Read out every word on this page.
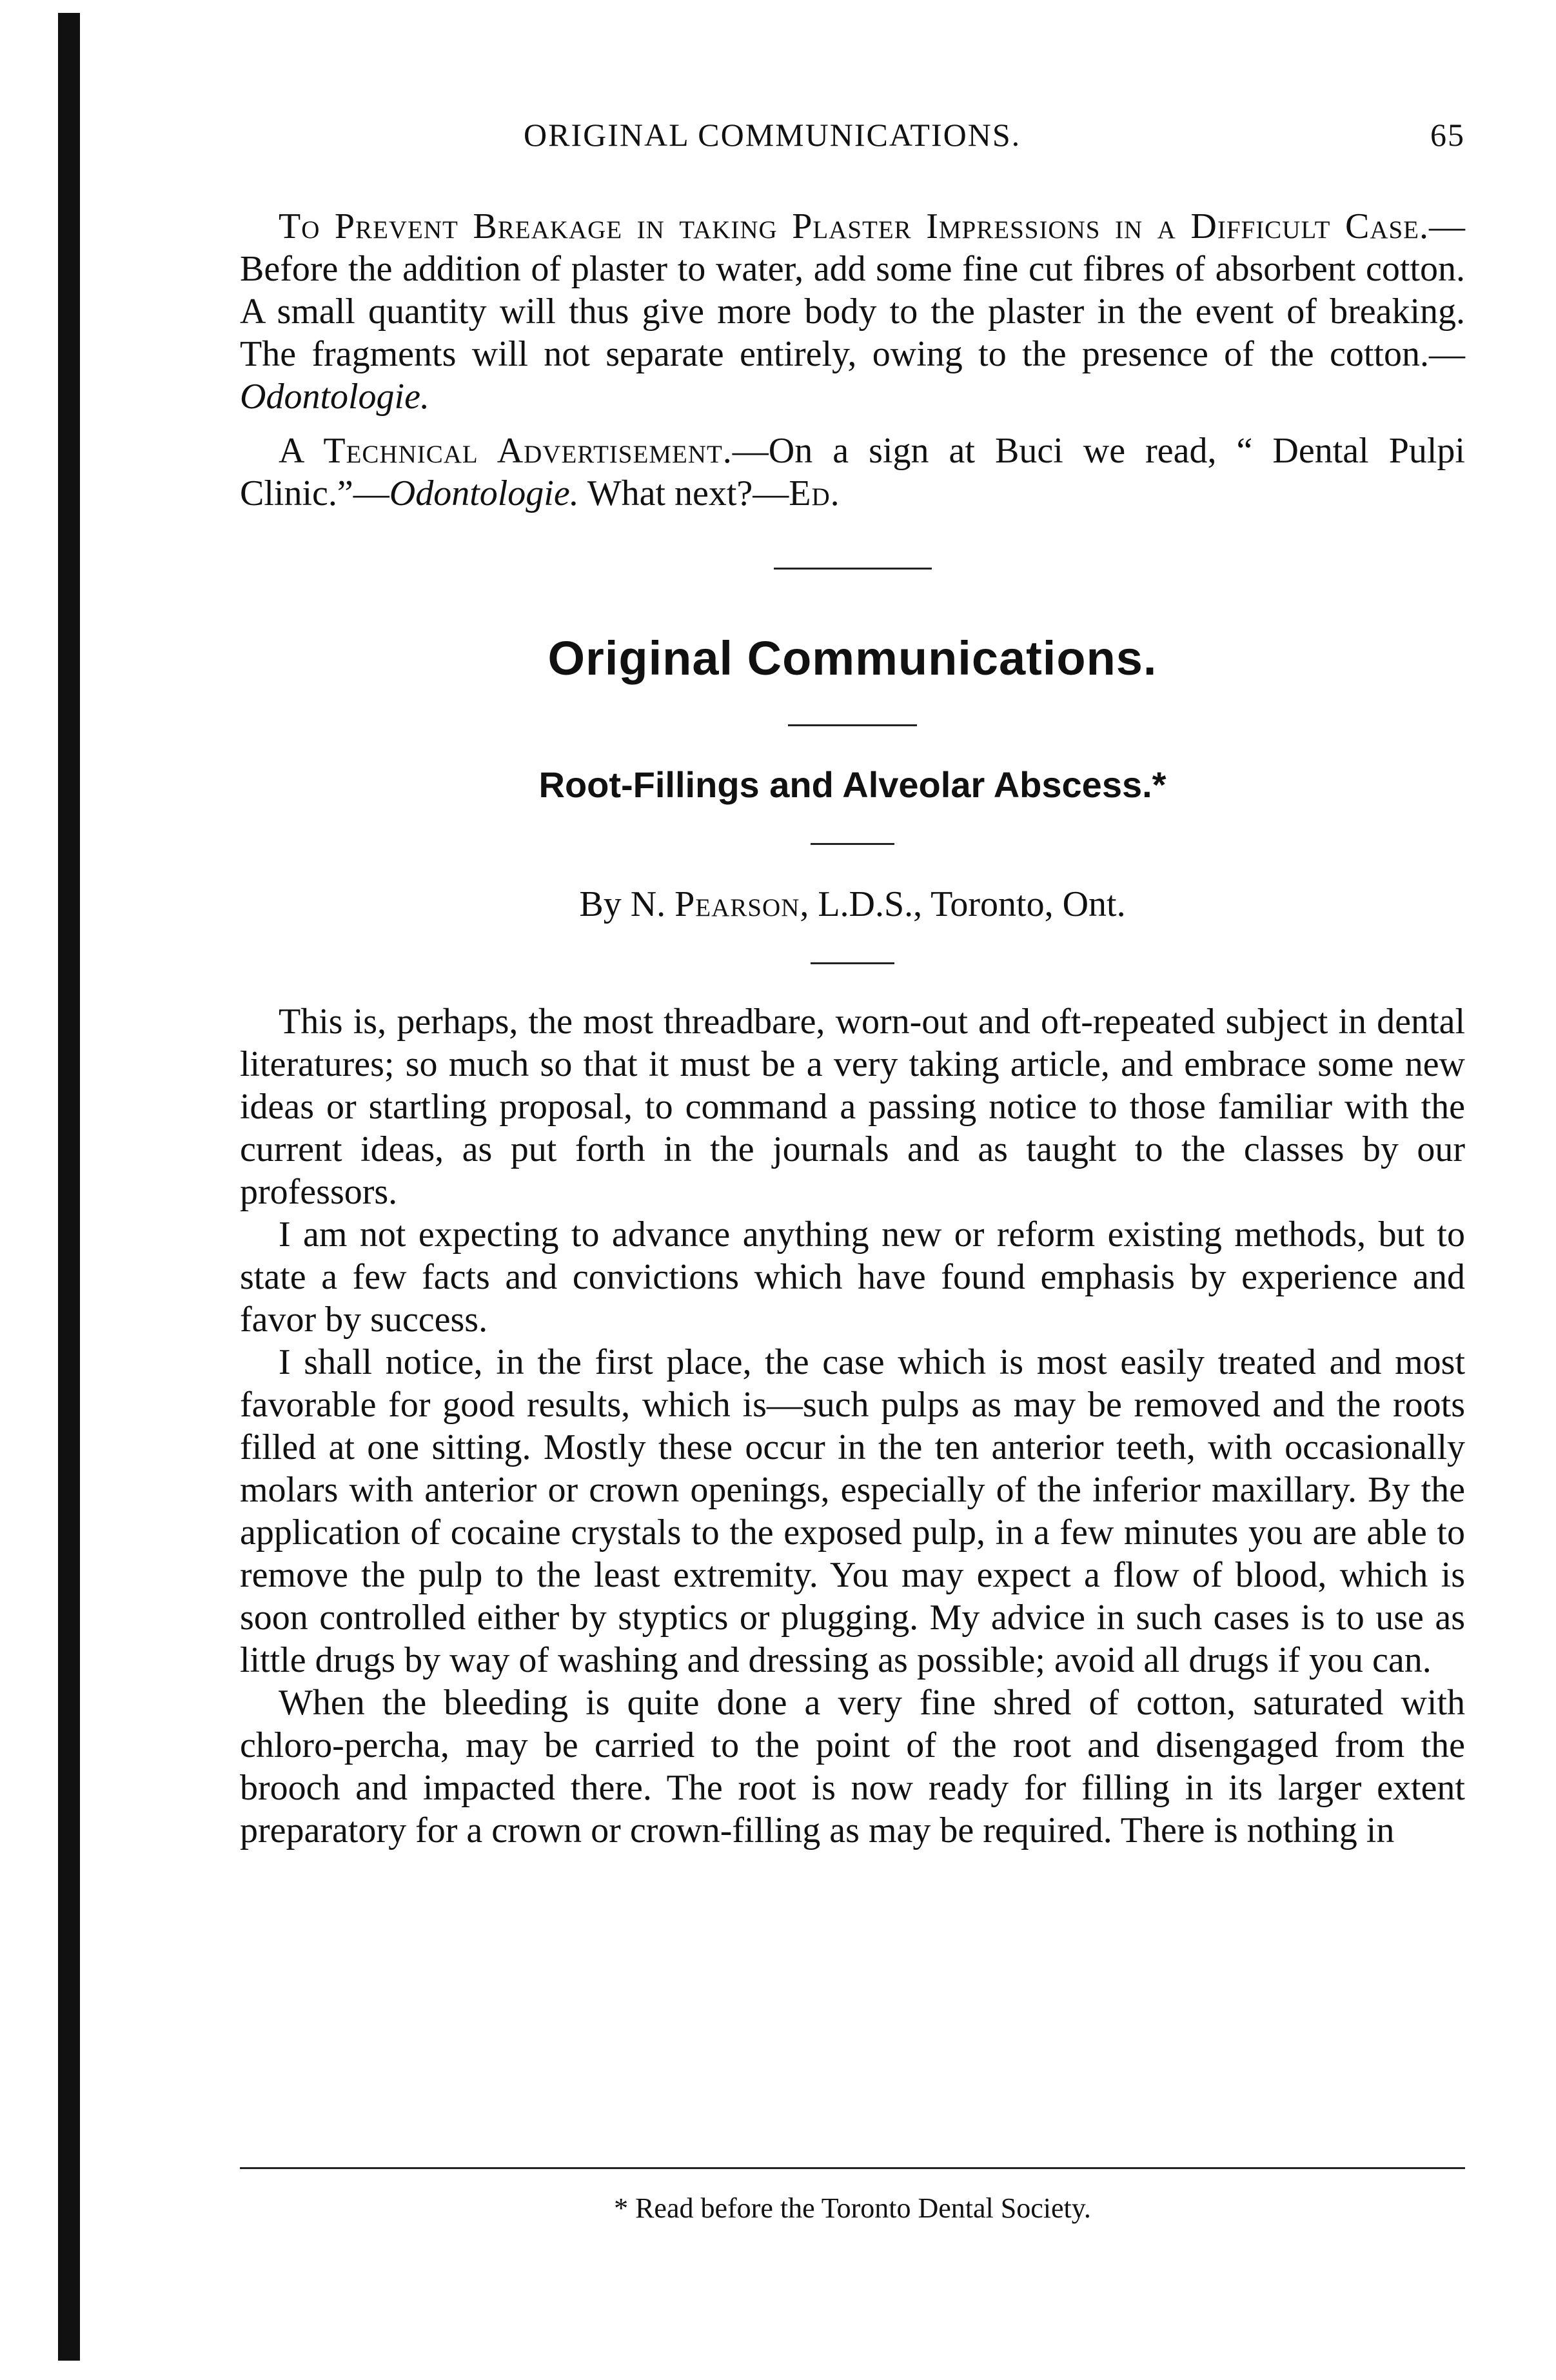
ORIGINAL COMMUNICATIONS.	65

To Prevent Breakage in taking Plaster Impressions in a Difficult Case.—Before the addition of plaster to water, add some fine cut fibres of absorbent cotton. A small quantity will thus give more body to the plaster in the event of breaking. The fragments will not separate entirely, owing to the presence of the cotton.—Odontologie.

A Technical Advertisement.—On a sign at Buci we read, “ Dental Pulpi Clinic.”—Odontologie. What next?—Ed.

Original Communications.
Root-Fillings and Alveolar Abscess.*
By N. Pearson, L.D.S., Toronto, Ont.

This is, perhaps, the most threadbare, worn-out and oft-repeated subject in dental literatures; so much so that it must be a very taking article, and embrace some new ideas or startling proposal, to command a passing notice to those familiar with the current ideas, as put forth in the journals and as taught to the classes by our professors.

I am not expecting to advance anything new or reform existing methods, but to state a few facts and convictions which have found emphasis by experience and favor by success.

I shall notice, in the first place, the case which is most easily treated and most favorable for good results, which is—such pulps as may be removed and the roots filled at one sitting. Mostly these occur in the ten anterior teeth, with occasionally molars with anterior or crown openings, especially of the inferior maxillary. By the application of cocaine crystals to the exposed pulp, in a few minutes you are able to remove the pulp to the least extremity. You may expect a flow of blood, which is soon controlled either by styptics or plugging. My advice in such cases is to use as little drugs by way of washing and dressing as possible; avoid all drugs if you can.

When the bleeding is quite done a very fine shred of cotton, saturated with chloro-percha, may be carried to the point of the root and disengaged from the brooch and impacted there. The root is now ready for filling in its larger extent preparatory for a crown or crown-filling as may be required. There is nothing in

* Read before the Toronto Dental Society.
